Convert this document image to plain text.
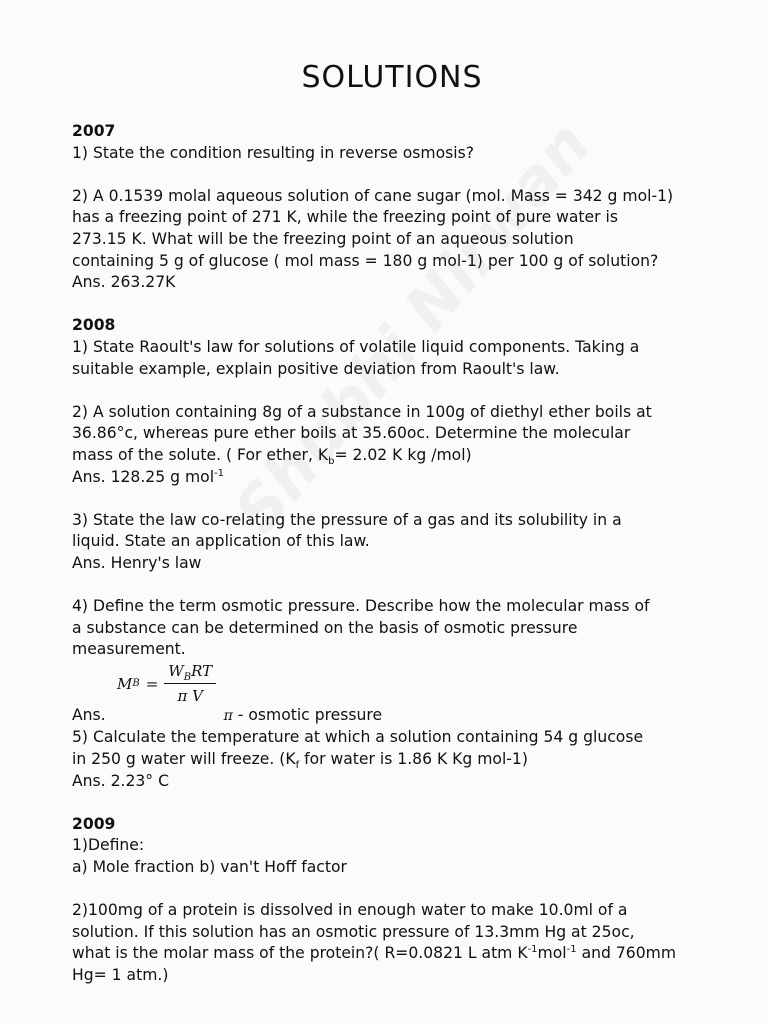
SOLUTIONS
2007
1) State the condition resulting in reverse osmosis?
2) A 0.1539 molal aqueous solution of cane sugar (mol. Mass = 342 g mol-1)
has a freezing point of 271 K, while the freezing point of pure water is
273.15 K. What will be the freezing point of an aqueous solution
containing 5 g of glucose ( mol mass = 180 g mol-1) per 100 g of solution?
Ans. 263.27K
2008
1) State Raoult's law for solutions of volatile liquid components. Taking a
suitable example, explain positive deviation from Raoult's law.
2) A solution containing 8g of a substance in 100g of diethyl ether boils at
36.86°c, whereas pure ether boils at 35.60oc. Determine the molecular
mass of the solute. ( For ether, $K_b= 2.02$ K kg /mol)
Ans. 128.25 g mol$^{-1}$
3) State the law co-relating the pressure of a gas and its solubility in a
liquid. State an application of this law.
Ans. Henry's law
4) Define the term osmotic pressure. Describe how the molecular mass of
a substance can be determined on the basis of osmotic pressure
measurement.
M $B = \frac{W_BRT}{\text{π V}}$
Ans.	π - osmotic pressure
5) Calculate the temperature at which a solution containing 54 g glucose
in 250 g water will freeze. ($K_f$ for water is 1.86 K Kg mol-1)
Ans. 2.23° C
2009
1)Define:
a) Mole fraction b) van't Hoff factor
2)100mg of a protein is dissolved in enough water to make 10.0ml of a
solution. If this solution has an osmotic pressure of 13.3mm Hg at 25oc,
what is the molar mass of the protein?( R=0.0821 L atm $K^{-1}mol^{-1}$ and 760mm
Hg= 1 atm.)
